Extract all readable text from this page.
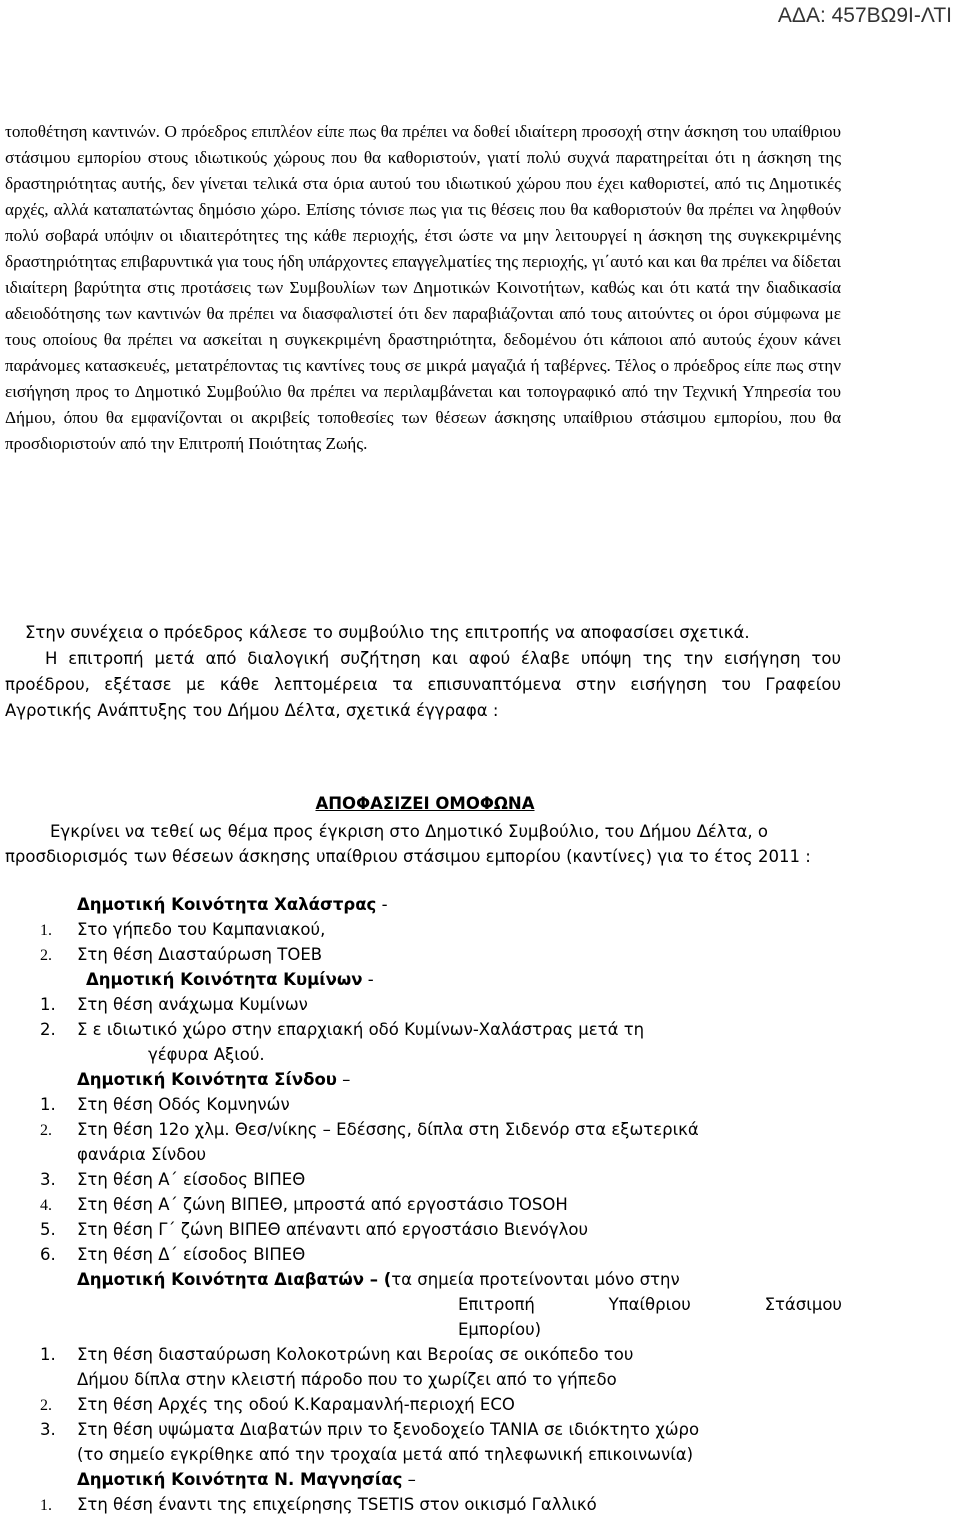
ΑΔΑ: 457ΒΩ9Ι-ΛΤΙ
τοποθέτηση καντινών. Ο πρόεδρος επιπλέον είπε πως θα πρέπει να δοθεί ιδιαίτερη προσοχή στην άσκηση του υπαίθριου στάσιμου εμπορίου στους ιδιωτικούς χώρους που θα καθοριστούν, γιατί πολύ συχνά παρατηρείται ότι η άσκηση της δραστηριότητας αυτής, δεν γίνεται τελικά στα όρια αυτού του ιδιωτικού χώρου που έχει καθοριστεί, από τις Δημοτικές αρχές, αλλά καταπατώντας δημόσιο χώρο. Επίσης τόνισε πως για τις θέσεις που θα καθοριστούν θα πρέπει να ληφθούν πολύ σοβαρά υπόψιν οι ιδιαιτερότητες της κάθε περιοχής, έτσι ώστε να μην λειτουργεί η άσκηση της συγκεκριμένης δραστηριότητας επιβαρυντικά για τους ήδη υπάρχοντες επαγγελματίες της περιοχής, γι΄αυτό και και θα πρέπει να δίδεται ιδιαίτερη βαρύτητα στις προτάσεις των Συμβουλίων των Δημοτικών Κοινοτήτων, καθώς και ότι κατά την διαδικασία αδειοδότησης των καντινών θα πρέπει να διασφαλιστεί ότι δεν παραβιάζονται από τους αιτούντες οι όροι σύμφωνα με τους οποίους θα πρέπει να ασκείται η συγκεκριμένη δραστηριότητα, δεδομένου ότι κάποιοι από αυτούς έχουν κάνει παράνομες κατασκευές, μετατρέποντας τις καντίνες τους σε μικρά μαγαζιά ή ταβέρνες. Τέλος ο πρόεδρος είπε πως στην εισήγηση προς το Δημοτικό Συμβούλιο θα πρέπει να περιλαμβάνεται και τοπογραφικό από την Τεχνική Υπηρεσία του Δήμου, όπου θα εμφανίζονται οι ακριβείς τοποθεσίες των θέσεων άσκησης υπαίθριου στάσιμου εμπορίου, που θα προσδιοριστούν από την Επιτροπή Ποιότητας Ζωής.

Στην συνέχεια ο πρόεδρος κάλεσε το συμβούλιο της επιτροπής να αποφασίσει σχετικά.

Η επιτροπή μετά από διαλογική συζήτηση και αφού έλαβε υπόψη της την εισήγηση του προέδρου, εξέτασε με κάθε λεπτομέρεια τα επισυναπτόμενα στην εισήγηση του Γραφείου Αγροτικής Ανάπτυξης του Δήμου Δέλτα, σχετικά έγγραφα :

ΑΠΟΦΑΣΙΖΕΙ ΟΜΟΦΩΝΑ

Εγκρίνει να τεθεί ως θέμα προς έγκριση στο Δημοτικό Συμβούλιο, του Δήμου Δέλτα, ο προσδιορισμός των θέσεων άσκησης υπαίθριου στάσιμου εμπορίου (καντίνες) για το έτος 2011 :

Δημοτική Κοινότητα Χαλάστρας -
1. Στο γήπεδο του Καμπανιακού,
2. Στη θέση Διασταύρωση ΤΟΕΒ
Δημοτική Κοινότητα Κυμίνων -
1. Στη θέση ανάχωμα Κυμίνων
2. Σ ε ιδιωτικό χώρο στην επαρχιακή οδό Κυμίνων-Χαλάστρας μετά τη
γέφυρα Αξιού.
Δημοτική Κοινότητα Σίνδου –
1. Στη θέση Οδός Κομνηνών
2. Στη θέση 12ο χλμ. Θεσ/νίκης – Εδέσσης, δίπλα στη Σιδενόρ στα εξωτερικά
φανάρια Σίνδου
3. Στη θέση Α΄ είσοδος ΒΙΠΕΘ
4. Στη θέση Α΄ ζώνη ΒΙΠΕΘ, μπροστά από εργοστάσιο TOSOH
5. Στη θέση Γ΄ ζώνη ΒΙΠΕΘ απέναντι από εργοστάσιο Βιενόγλου
6. Στη θέση Δ΄ είσοδος ΒΙΠΕΘ
Δημοτική Κοινότητα Διαβατών – (τα σημεία προτείνονται μόνο στην
Επιτροπή	Υπαίθριου	Στάσιμου
Εμπορίου)
1. Στη θέση διασταύρωση Κολοκοτρώνη και Βεροίας σε οικόπεδο του
Δήμου δίπλα στην κλειστή πάροδο που το χωρίζει από το γήπεδο
2. Στη θέση Αρχές της οδού Κ.Καραμανλή-περιοχή ECO
3. Στη θέση υψώματα Διαβατών πριν το ξενοδοχείο TANIA σε ιδιόκτητο χώρο
(το σημείο εγκρίθηκε από την τροχαία μετά από τηλεφωνική επικοινωνία)
Δημοτική Κοινότητα Ν. Μαγνησίας –
1. Στη θέση έναντι της επιχείρησης TSETIS στον οικισμό Γαλλικό
